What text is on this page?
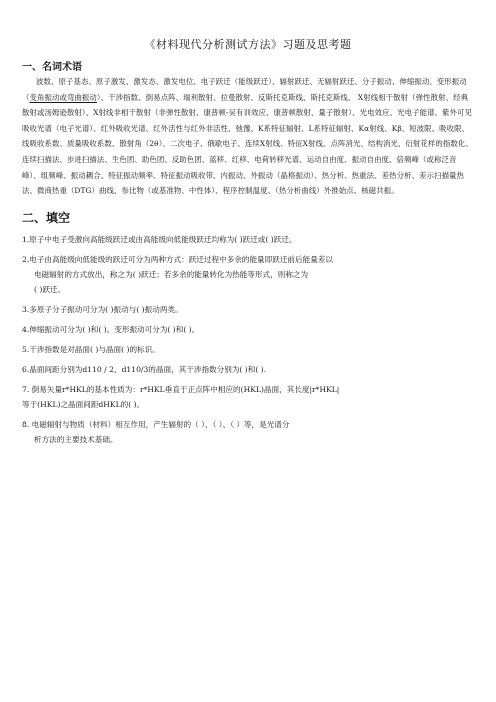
《材料现代分析测试方法》习题及思考题
一、名词术语
波数、原子基态、原子激发、激发态、激发电位、电子跃迁（能级跃迁）、辐射跃迁、无辐射跃迁、分子振动、伸缩振动、变形振动（变角振动或弯曲振动）、干涉指数、倒易点阵、瑞利散射、拉曼散射、反斯托克斯线、斯托克斯线、 X射线相干散射（弹性散射、经典散射或汤姆逊散射）、X射线非相干散射（非弹性散射、康普顿-吴有训效应、康普顿散射、量子散射）、光电效应、光电子能谱、紫外可见吸收光谱（电子光谱）、红外吸收光谱、红外活性与红外非活性、弛豫、K系特征辐射、L系特征辐射、Kα射线、Kβ、短波限、吸收限、线吸收系数、质量吸收系数、散射角（2θ）、二次电子、俄歇电子、连续X射线、特征X射线、点阵消光、结构消光、衍射花样的指数化、连续扫描法、步进扫描法、生色团、助色团、反助色团、蓝移、红移、电荷转移光谱、运动自由度、振动自由度、倍频峰（或称泛音峰）、组频峰、振动耦合、特征振动频率、特征振动吸收带、内振动、外振动（晶格振动）、热分析、热重法、差热分析、差示扫描量热法、微商热重（DTG）曲线、参比物（或基准物、中性体）、程序控制温度、（热分析曲线）外推始点、核磁共振。
二、填空
1.原子中电子受激向高能级跃迁或由高能级向低能级跃迁均称为( )跃迁或( )跃迁。
2.电子由高能级向低能级的跃迁可分为两种方式：跃迁过程中多余的能量即跃迁前后能量差以
电磁辐射的方式放出，称之为( )跃迁；若多余的能量转化为热能等形式，则称之为
( )跃迁。
3.多原子分子振动可分为( )振动与( )振动两类。
4.伸缩振动可分为( )和( )。变形振动可分为( )和( )。
5.干涉指数是对晶面( )与晶面( )的标识。
6.晶面间距分别为d110 / 2，d110/3的晶面，其干涉指数分别为( )和( ).
7. 倒易矢量r*HKL的基本性质为：r*HKL垂直于正点阵中相应的(HKL)晶面，其长度|r*HKL|
等于(HKL)之晶面间距dHKL的( )。
8. 电磁辐射与物质（材料）相互作用，产生辐射的（ ）、（ ）、（ ）等，是光谱分
析方法的主要技术基础。
